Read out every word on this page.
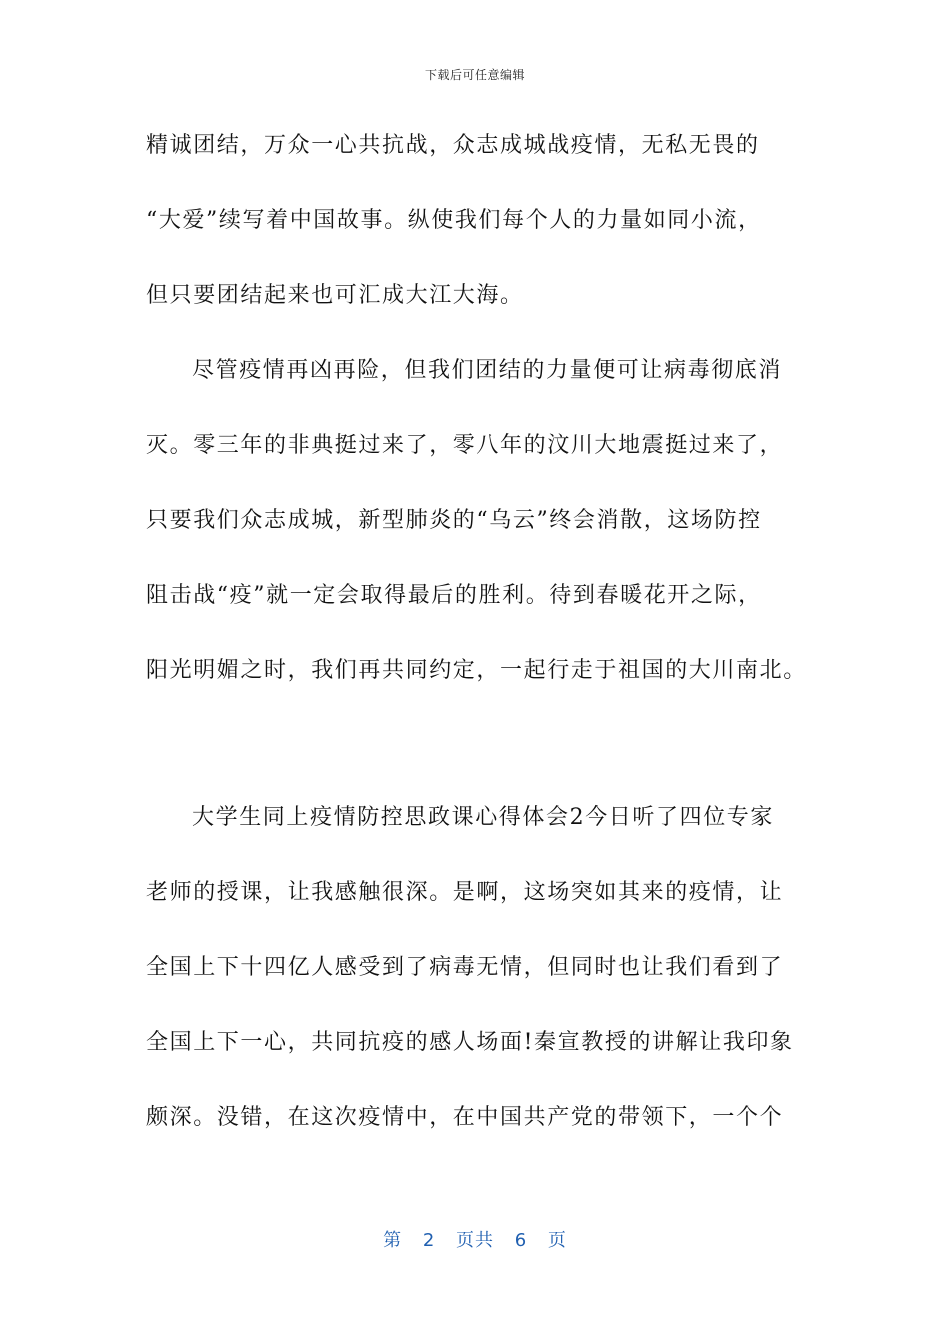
下载后可任意编辑
精诚团结，万众一心共抗战，众志成城战疫情，无私无畏的
“大爱”续写着中国故事。纵使我们每个人的力量如同小流，
但只要团结起来也可汇成大江大海。
尽管疫情再凶再险，但我们团结的力量便可让病毒彻底消
灭。零三年的非典挺过来了，零八年的汶川大地震挺过来了，
只要我们众志成城，新型肺炎的“乌云”终会消散，这场防控
阻击战“疫”就一定会取得最后的胜利。待到春暖花开之际，
阳光明媚之时，我们再共同约定，一起行走于祖国的大川南北。
大学生同上疫情防控思政课心得体会2今日听了四位专家
老师的授课，让我感触很深。是啊，这场突如其来的疫情，让
全国上下十四亿人感受到了病毒无情，但同时也让我们看到了
全国上下一心，共同抗疫的感人场面!秦宣教授的讲解让我印象
颇深。没错，在这次疫情中，在中国共产党的带领下，一个个
第 2 页共 6 页
